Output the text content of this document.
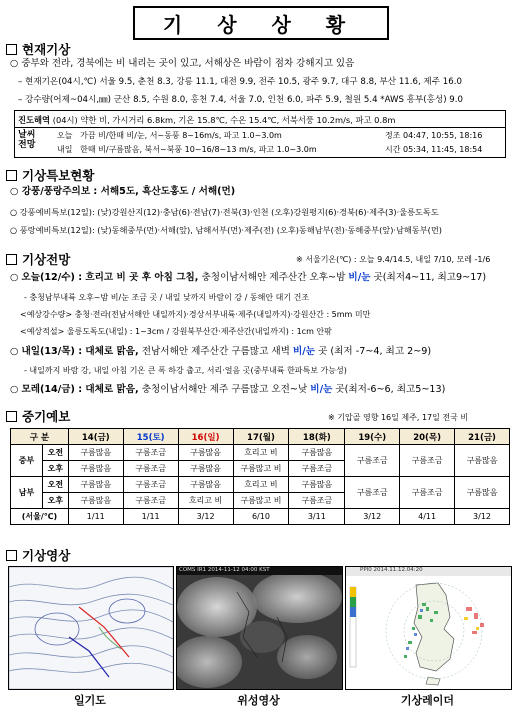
기 상 상 황
현재기상
○ 중부와 전라, 경북에는 비 내리는 곳이 있고, 서해상은 바람이 점차 강해지고 있음
– 현재기온(04시,℃) 서울 9.5, 춘천 8.3, 강릉 11.1, 대전 9.9, 전주 10.5, 광주 9.7, 대구 8.8, 부산 11.6, 제주 16.0
– 강수량(어제~04시,㎜) 군산 8.5, 수원 8.0, 홍천 7.4, 서울 7.0, 인천 6.0, 파주 5.9, 철원 5.4 *AWS 흥부(홍성) 9.0
진도해역 (04시) 약한 비, 가시거리 6.8km, 기온 15.8℃, 수온 15.4℃, 서북서풍 10.2m/s, 파고 0.8m
날씨 전망
오늘 가끔 비/한때 비/눈, 서~동풍 8~16m/s, 파고 1.0~3.0m
내일 한때 비/구름많음, 북서~북풍 10~16/8~13 m/s, 파고 1.0~3.0m
정조 04:47, 10:55, 18:16
시간 05:34, 11:45, 18:54
기상특보현황
○ 강풍/풍랑주의보 : 서해5도, 흑산도홍도 / 서해(먼)
○ 강풍예비특보(12일): (낮)강원산지(12)·충남(6)·전남(7)·전북(3)·인천 (오후)강원평지(6)·경북(6)·제주(3)·울릉도독도
○ 풍랑예비특보(12일): (낮)동해중부(먼)·서해(앞), 남해서부(먼)·제주(전) (오후)동해남부(전)·동해중부(앞)·남해동부(먼)
기상전망	※ 서울기온(℃) : 오늘 9.4/14.5, 내일 7/10, 모레 -1/6
○ 오늘(12/수) : 흐리고 비 곳 후 아침 그침, 충청이남서해안 제주산간 오후~밤 비/눈 곳(최저4~11, 최고9~17)
- 충청남부내륙 오후~밤 비/눈 조금 곳 / 내일 낮까지 바람이 강 / 동해안 대기 건조
<예상강수량> 충청·전라(전남서해안 내일까지)·경상서부내륙·제주(내일까지)·강원산간 : 5mm 미만
<예상적설> 울릉도독도(내일) : 1~3cm / 강원북부산간·제주산간(내일까지) : 1cm 안팎
○ 내일(13/목) : 대체로 맑음, 전남서해안 제주산간 구름많고 새벽 비/눈 곳 (최저 -7~4, 최고 2~9)
- 내일까지 바람 강, 내일 아침 기온 큰 폭 하강 춥고, 서리·얼음 곳(중부내륙 한파특보 가능성)
○ 모레(14/금) : 대체로 맑음, 충청이남서해안 제주 구름많고 오전~낮 비/눈 곳(최저-6~6, 최고5~13)
중기예보	※ 기압골 영향 16일 제주, 17일 전국 비
구 분		14(금)	15(토)	16(일)	17(월)	18(화)	19(수)	20(목)	21(금)
중부	오전	구름많음	구름조금	구름많음	흐리고 비	구름많음	구름조금	구름조금	구름많음
	오후	구름많음	구름조금	구름많음	구름많고 비	구름조금			
남부	오전	구름많음	구름조금	구름많음	흐리고 비	구름많음	구름조금	구름조금	구름많음
	오후	구름많음	구름조금	흐리고 비	구름많고 비	구름조금			
(서울/℃)		1/11	1/11	3/12	6/10	3/11	3/12	4/11	3/12
기상영상
일기도
COMS IR1 2014-11-12 04:00 KST
위성영상
PPI0 2014.11.12.04:20
기상레이더
